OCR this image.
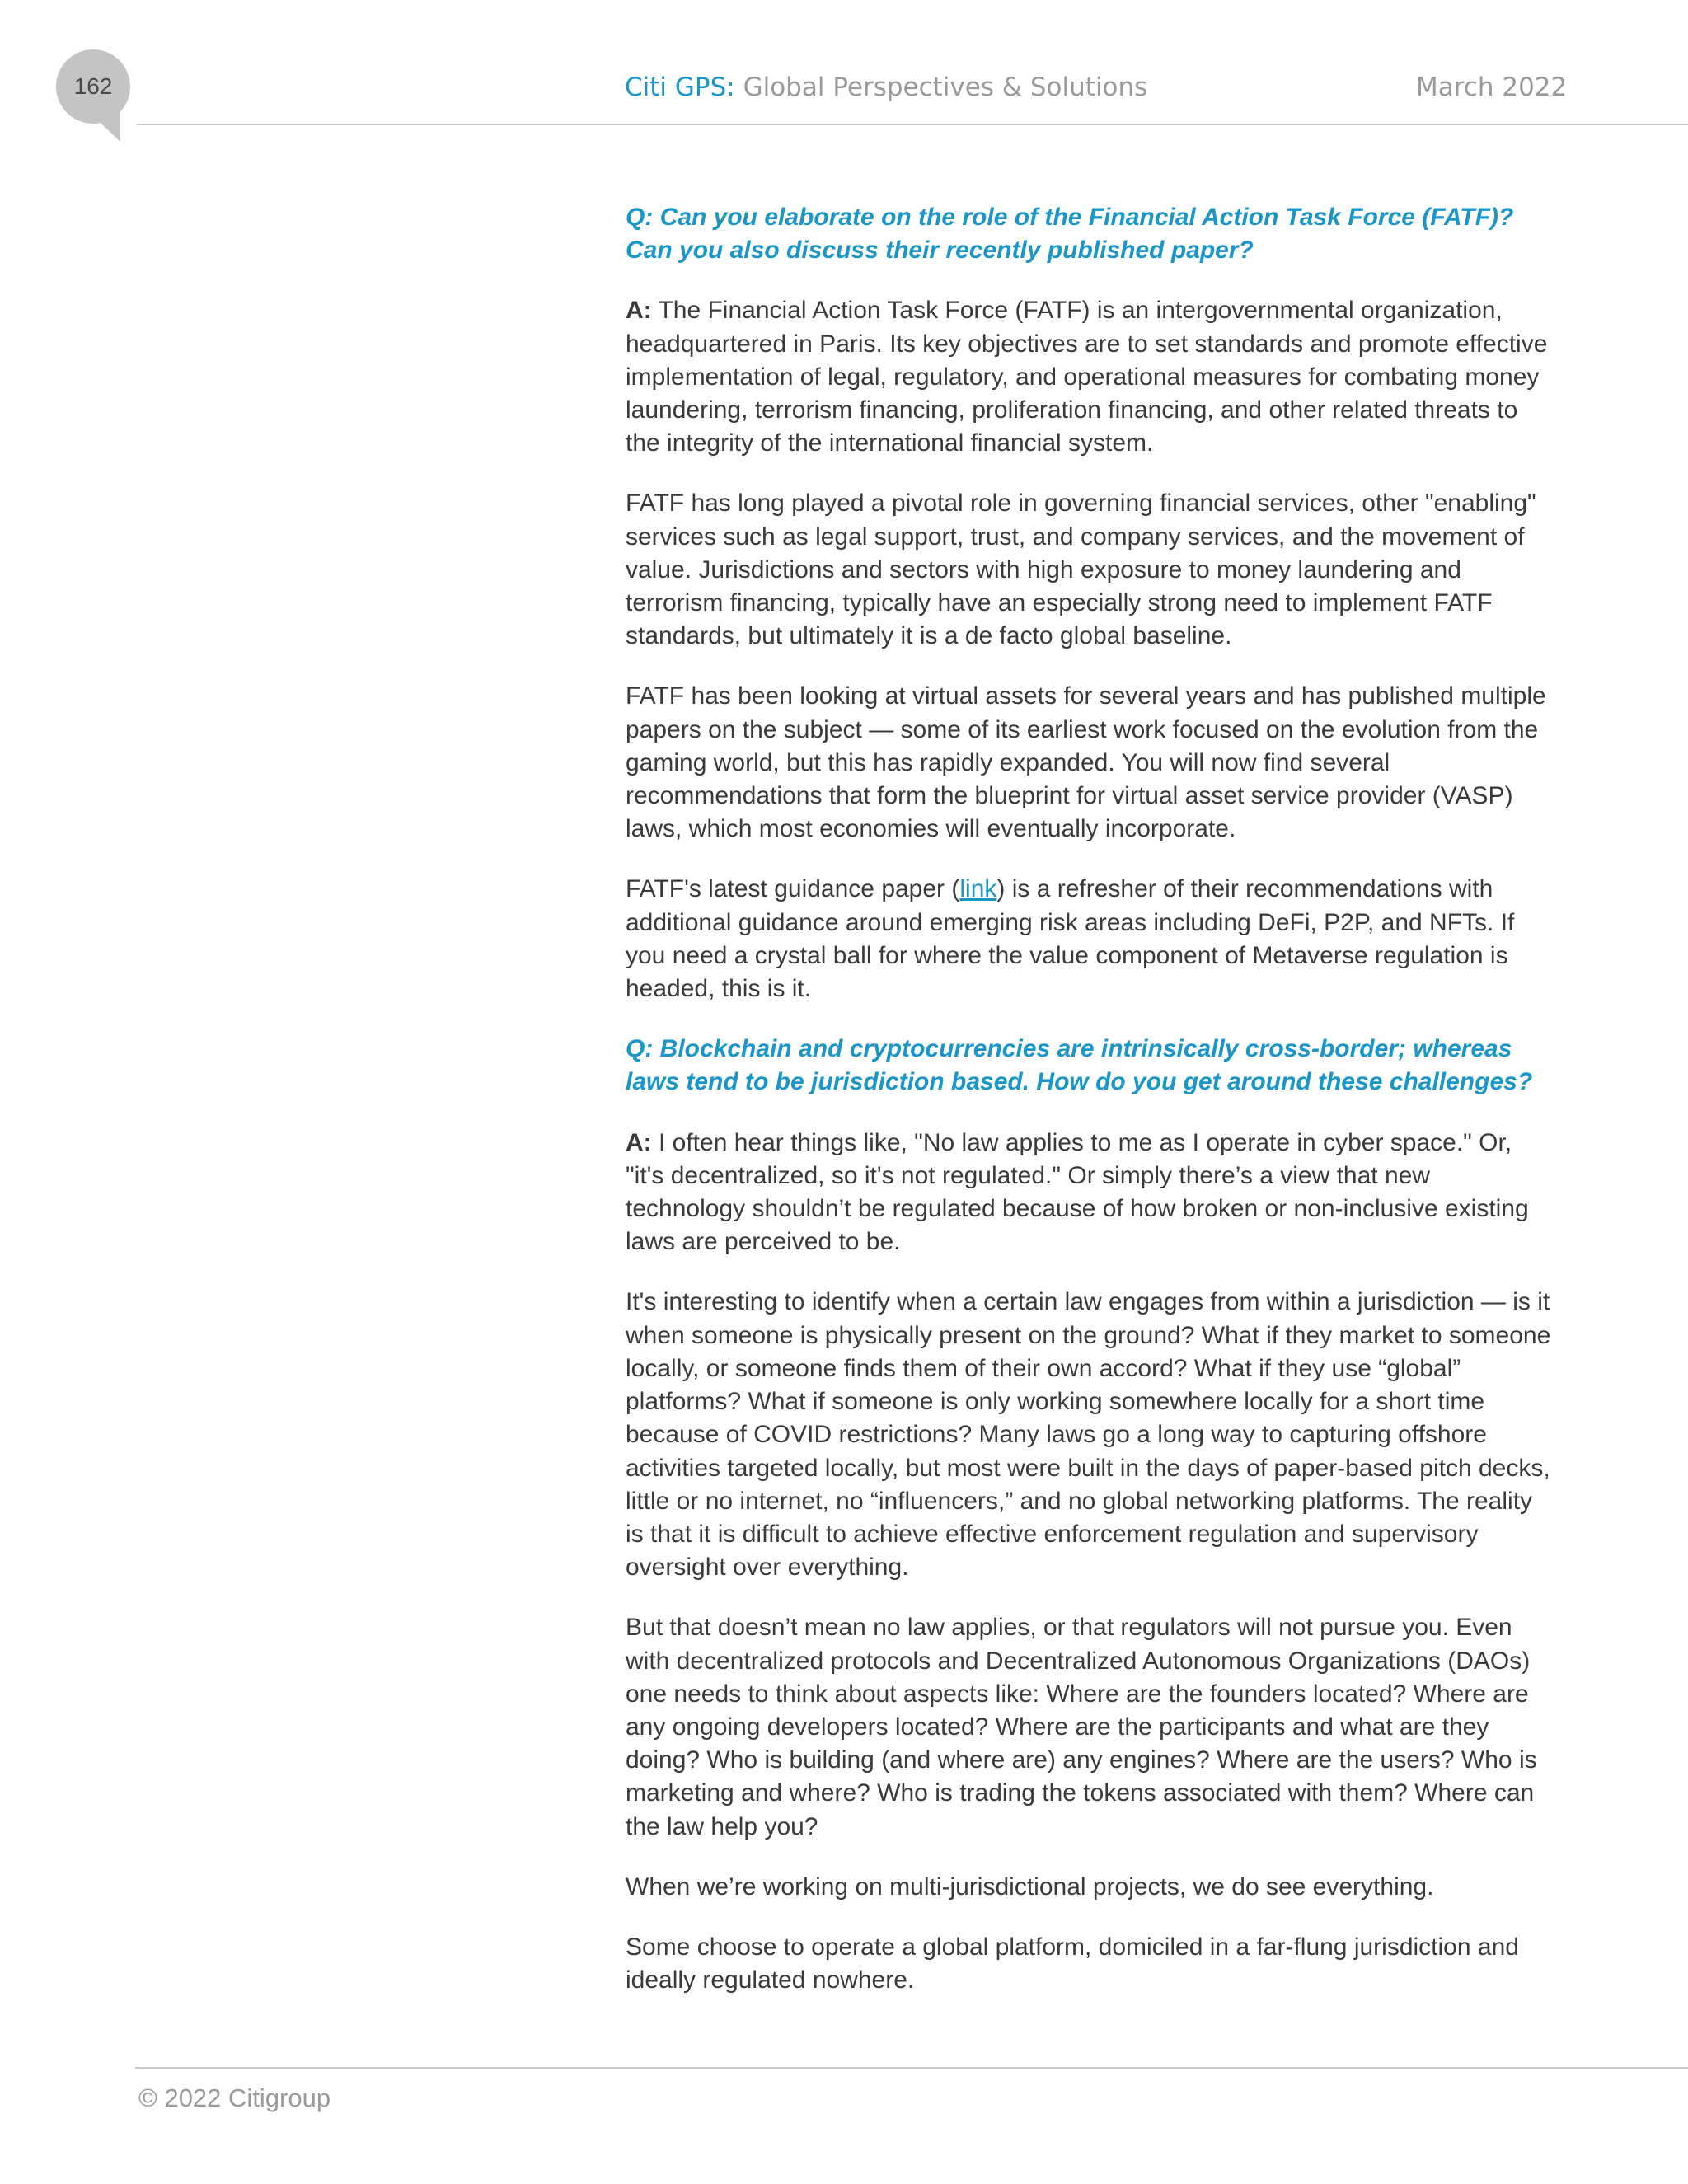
162	Citi GPS: Global Perspectives & Solutions	March 2022

Q: Can you elaborate on the role of the Financial Action Task Force (FATF)?
Can you also discuss their recently published paper?

A: The Financial Action Task Force (FATF) is an intergovernmental organization, headquartered in Paris. Its key objectives are to set standards and promote effective implementation of legal, regulatory, and operational measures for combating money laundering, terrorism financing, proliferation financing, and other related threats to the integrity of the international financial system.

FATF has long played a pivotal role in governing financial services, other "enabling" services such as legal support, trust, and company services, and the movement of value. Jurisdictions and sectors with high exposure to money laundering and terrorism financing, typically have an especially strong need to implement FATF standards, but ultimately it is a de facto global baseline.

FATF has been looking at virtual assets for several years and has published multiple papers on the subject — some of its earliest work focused on the evolution from the gaming world, but this has rapidly expanded. You will now find several recommendations that form the blueprint for virtual asset service provider (VASP) laws, which most economies will eventually incorporate.

FATF's latest guidance paper (link) is a refresher of their recommendations with additional guidance around emerging risk areas including DeFi, P2P, and NFTs. If you need a crystal ball for where the value component of Metaverse regulation is headed, this is it.

Q: Blockchain and cryptocurrencies are intrinsically cross-border; whereas
laws tend to be jurisdiction based. How do you get around these challenges?

A: I often hear things like, "No law applies to me as I operate in cyber space." Or, "it's decentralized, so it's not regulated." Or simply there’s a view that new technology shouldn’t be regulated because of how broken or non-inclusive existing laws are perceived to be.

It's interesting to identify when a certain law engages from within a jurisdiction — is it when someone is physically present on the ground? What if they market to someone locally, or someone finds them of their own accord? What if they use “global” platforms? What if someone is only working somewhere locally for a short time because of COVID restrictions? Many laws go a long way to capturing offshore activities targeted locally, but most were built in the days of paper-based pitch decks, little or no internet, no “influencers,” and no global networking platforms. The reality is that it is difficult to achieve effective enforcement regulation and supervisory oversight over everything.

But that doesn’t mean no law applies, or that regulators will not pursue you. Even with decentralized protocols and Decentralized Autonomous Organizations (DAOs) one needs to think about aspects like: Where are the founders located? Where are any ongoing developers located? Where are the participants and what are they doing? Who is building (and where are) any engines? Where are the users? Who is marketing and where? Who is trading the tokens associated with them? Where can the law help you?

When we’re working on multi-jurisdictional projects, we do see everything.

Some choose to operate a global platform, domiciled in a far-flung jurisdiction and ideally regulated nowhere.

© 2022 Citigroup
